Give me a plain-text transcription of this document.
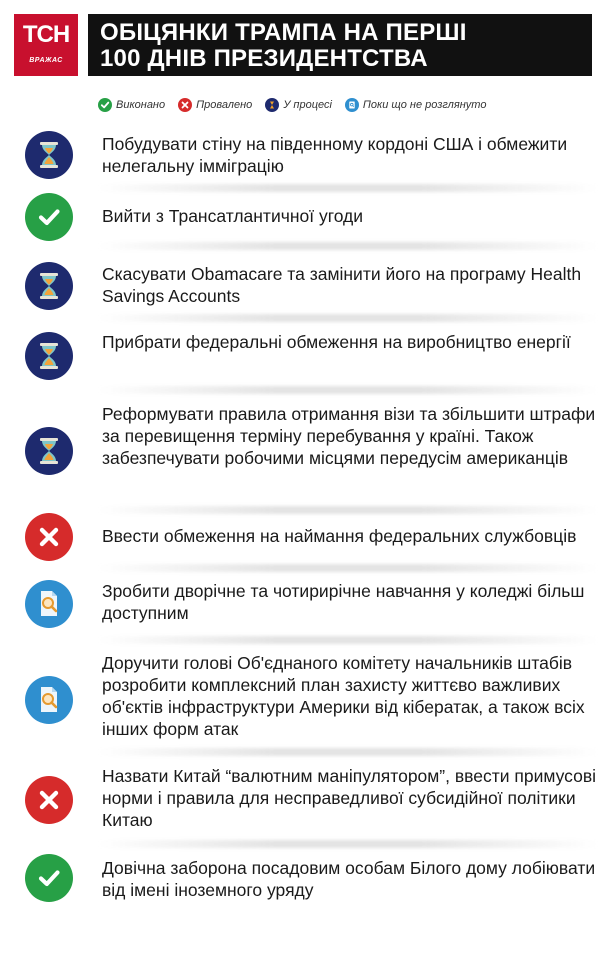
ТСН
ВРАЖАС
ОБІЦЯНКИ ТРАМПА НА ПЕРШІ
100 ДНІВ ПРЕЗИДЕНТСТВА
Виконано	Провалено	У процесі	Поки що не розглянуто
Побудувати стіну на південному кордоні США і обмежити нелегальну імміграцію
Вийти з Трансатлантичної угоди
Скасувати Obamacare та замінити його на програму Health Savings Accounts
Прибрати федеральні обмеження на виробництво енергії
Реформувати правила отримання візи та збільшити штрафи за перевищення терміну перебування у країні. Також забезпечувати робочими місцями передусім американців
Ввести обмеження на наймання федеральних службовців
Зробити дворічне та чотирирічне навчання у коледжі більш доступним
Доручити голові Об'єднаного комітету начальників штабів розробити комплексний план захисту життєво важливих об'єктів інфраструктури Америки від кібератак, а також всіх інших форм атак
Назвати Китай “валютним маніпулятором”, ввести примусові норми і правила для несправедливої субсидійної політики Китаю
Довічна заборона посадовим особам Білого дому лобіювати від імені іноземного уряду
